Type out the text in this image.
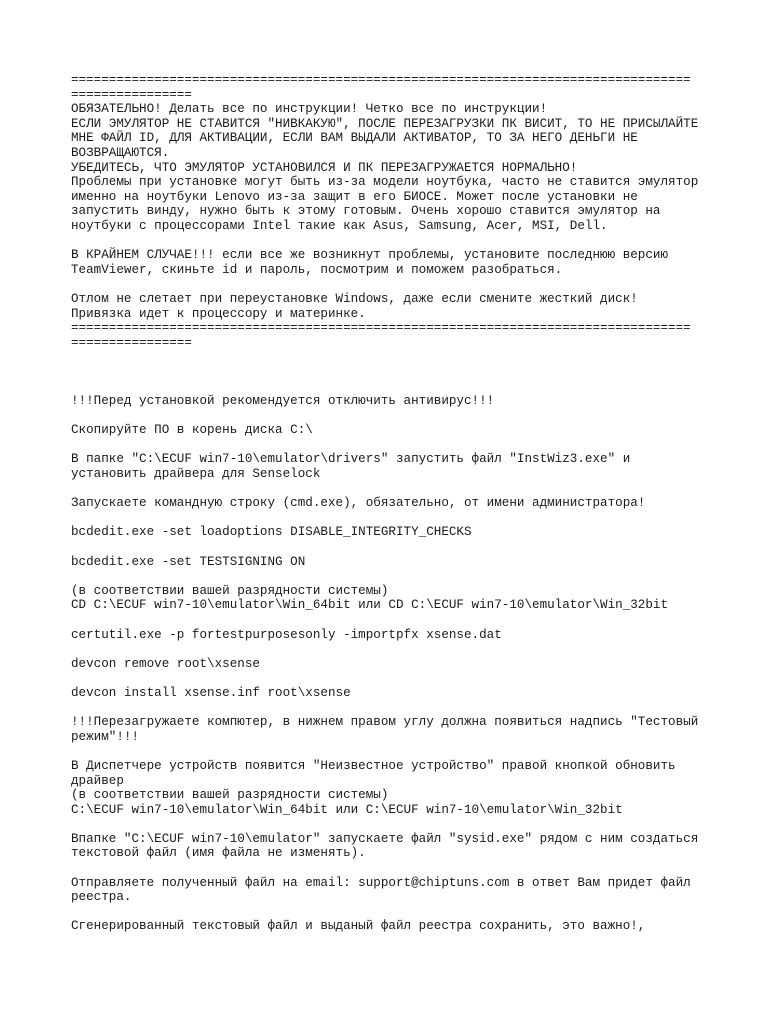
==================================================================================
================
ОБЯЗАТЕЛЬНО! Делать все по инструкции! Четко все по инструкции!
ЕСЛИ ЭМУЛЯТОР НЕ СТАВИТСЯ "НИВКАКУЮ", ПОСЛЕ ПЕРЕЗАГРУЗКИ ПК ВИСИТ, ТО НЕ ПРИСЫЛАЙТЕ
МНЕ ФАЙЛ ID, ДЛЯ АКТИВАЦИИ, ЕСЛИ ВАМ ВЫДАЛИ АКТИВАТОР, ТО ЗА НЕГО ДЕНЬГИ НЕ
ВОЗВРАЩАЮТСЯ.
УБЕДИТЕСЬ, ЧТО ЭМУЛЯТОР УСТАНОВИЛСЯ И ПК ПЕРЕЗАГРУЖАЕТСЯ НОРМАЛЬНО!
Проблемы при установке могут быть из-за модели ноутбука, часто не ставится эмулятор
именно на ноутбуки Lenovo из-за защит в его БИОСЕ. Может после установки не
запустить винду, нужно быть к этому готовым. Очень хорошо ставится эмулятор на
ноутбуки с процессорами Intel такие как Asus, Samsung, Acer, MSI, Dell.
В КРАЙНЕМ СЛУЧАЕ!!! если все же возникнут проблемы, установите последнюю версию
TeamViewer, скиньте id и пароль, посмотрим и поможем разобраться.
Отлом не слетает при переустановке Windows, даже если смените жесткий диск!
Привязка идет к процессору и материнке.
==================================================================================
================
!!!Перед установкой рекомендуется отключить антивирус!!!
Скопируйте ПО в корень диска C:\
В папке "C:\ECUF win7-10\emulator\drivers" запустить файл "InstWiz3.exe" и
установить драйвера для Senselock
Запускаете командную строку (cmd.exe), обязательно, от имени администратора!
bcdedit.exe -set loadoptions DISABLE_INTEGRITY_CHECKS
bcdedit.exe -set TESTSIGNING ON
(в соответствии вашей разрядности системы)
CD C:\ECUF win7-10\emulator\Win_64bit или CD C:\ECUF win7-10\emulator\Win_32bit
certutil.exe -p fortestpurposesonly -importpfx xsense.dat
devcon remove root\xsense
devcon install xsense.inf root\xsense
!!!Перезагружаете компютер, в нижнем правом углу должна появиться надпись "Тестовый
режим"!!!
В Диспетчере устройств появится "Неизвестное устройство" правой кнопкой обновить
драйвер
(в соответствии вашей разрядности системы)
C:\ECUF win7-10\emulator\Win_64bit или C:\ECUF win7-10\emulator\Win_32bit
Впапке "C:\ECUF win7-10\emulator" запускаете файл "sysid.exe" рядом с ним создаться
текстовой файл (имя файла не изменять).
Отправляете полученный файл на email: support@chiptuns.com в ответ Вам придет файл
реестра.
Сгенерированный текстовый файл и выданый файл реестра сохранить, это важно!,
